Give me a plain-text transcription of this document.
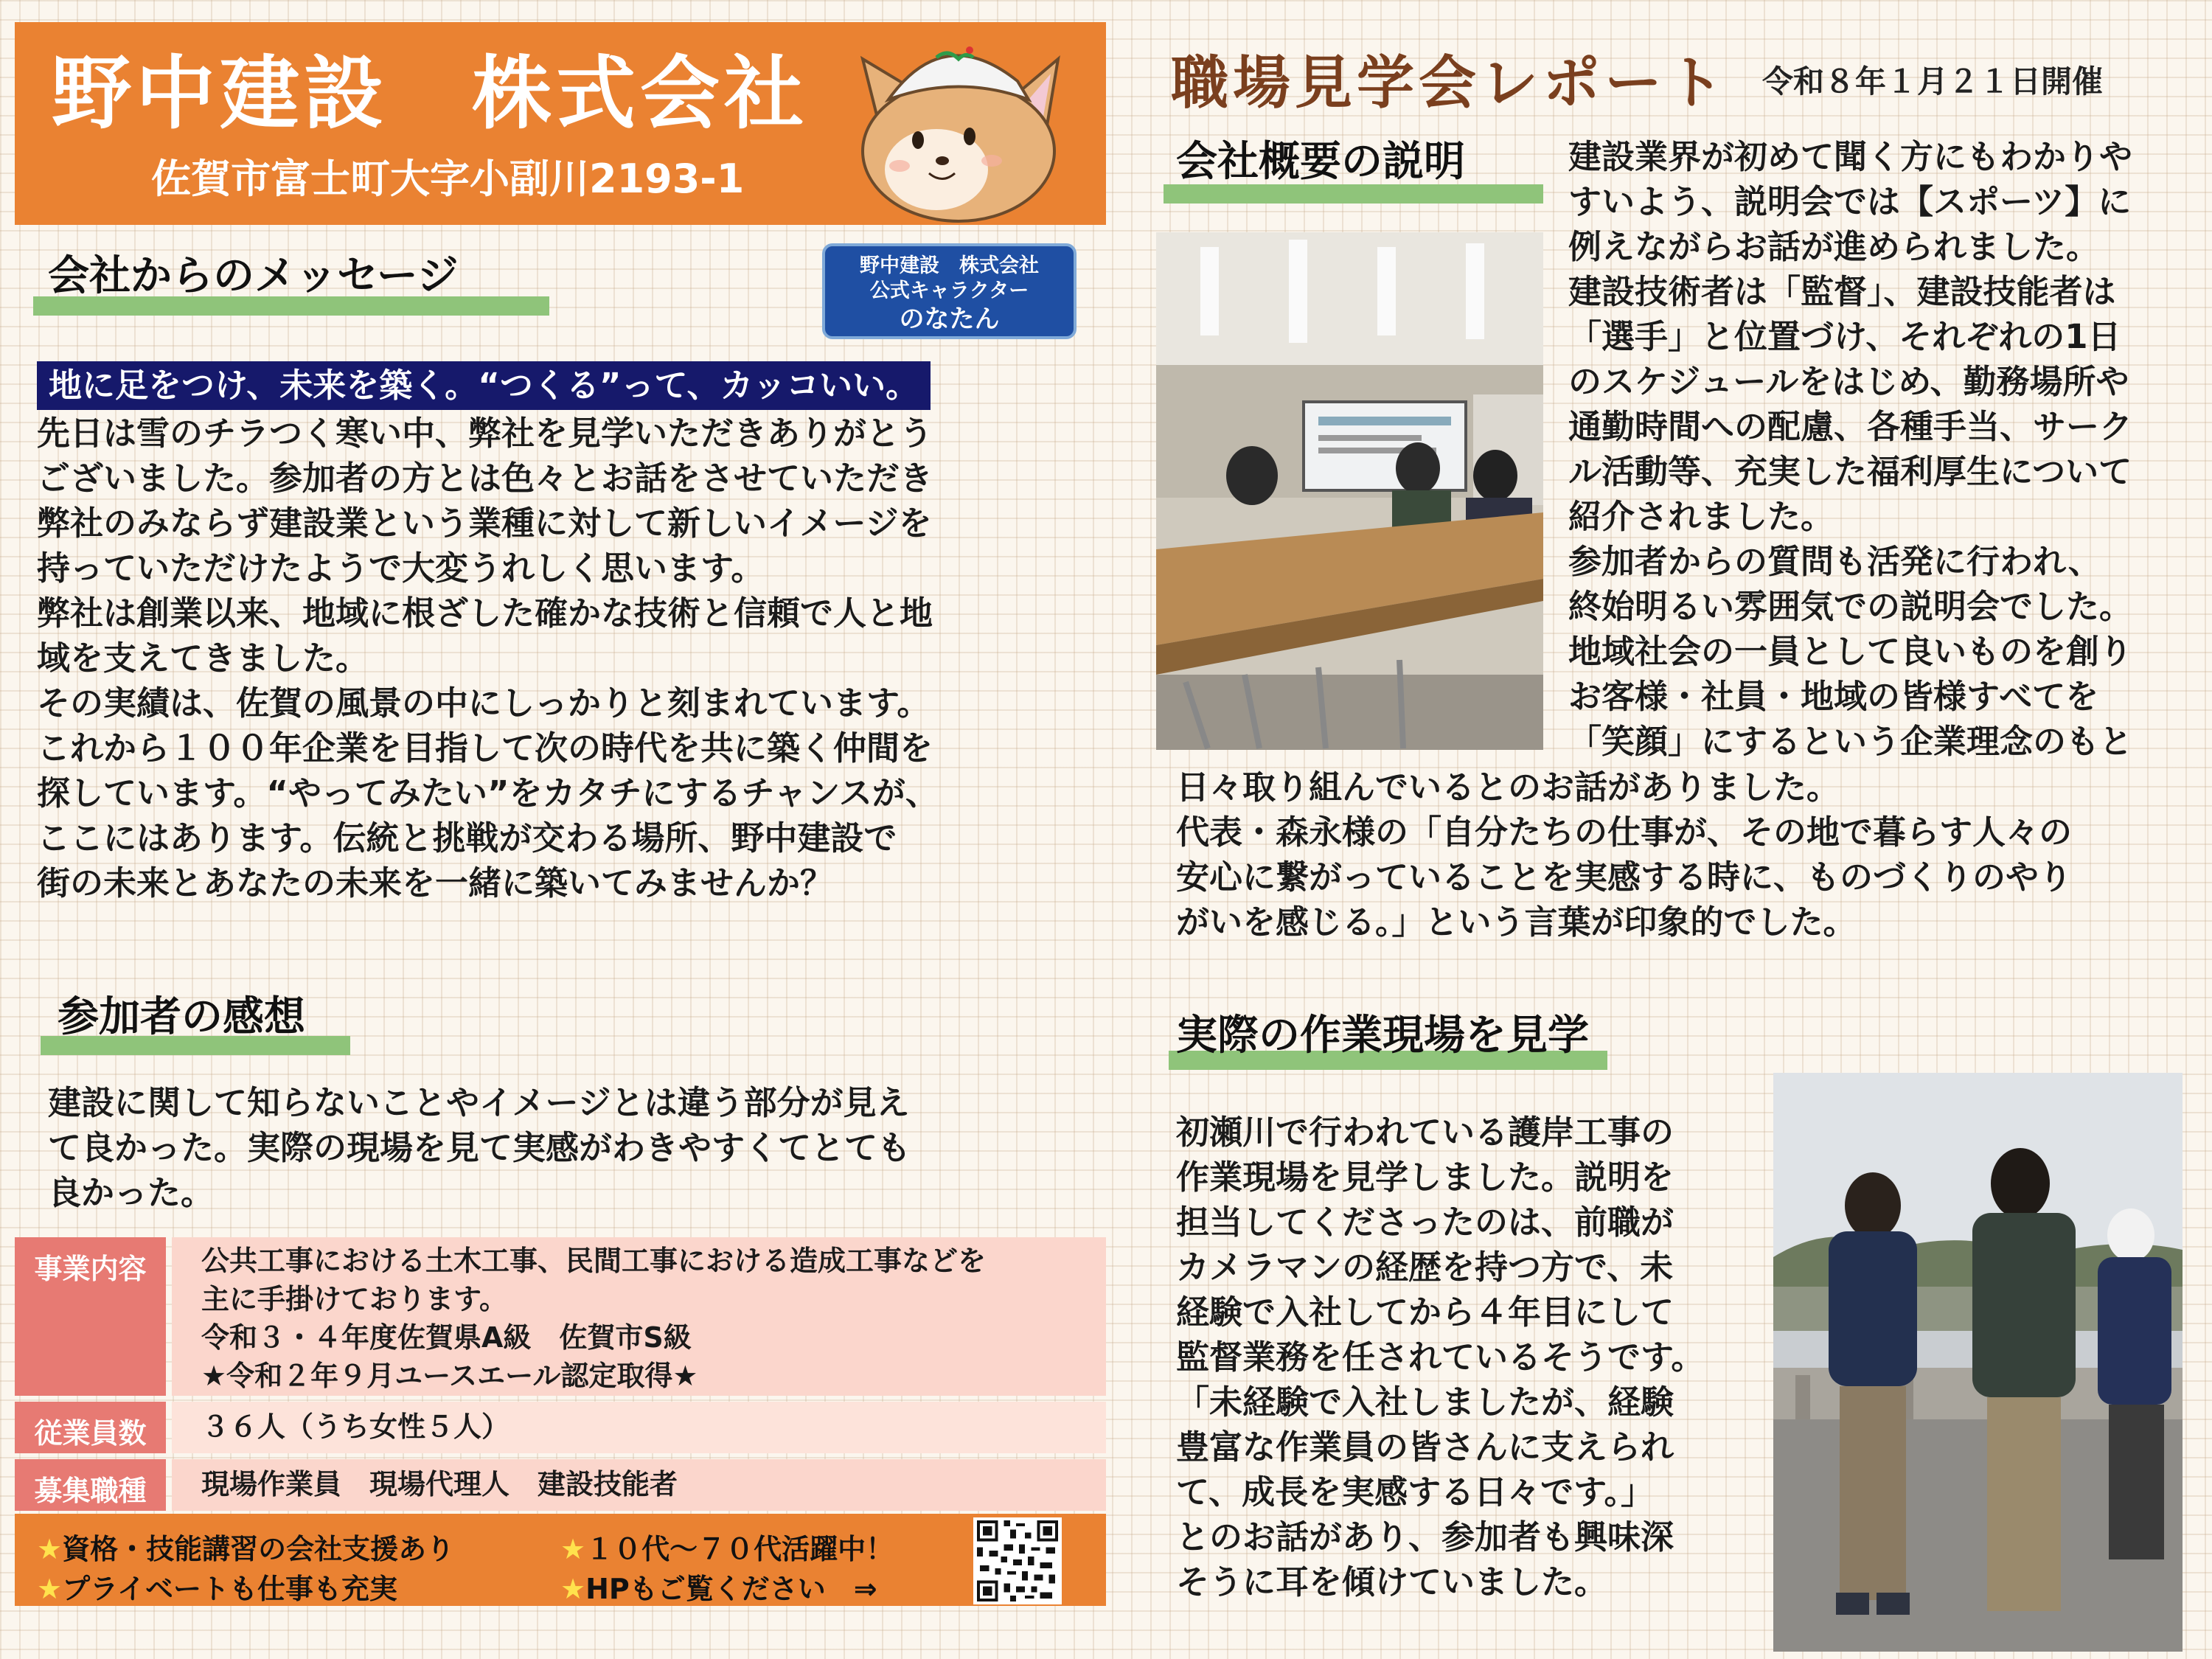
野中建設　株式会社
佐賀市富士町大字小副川2193-1
野中建設　株式会社
公式キャラクター
のなたん
会社からのメッセージ
地に足をつけ、未来を築く。“つくる”って、カッコいい。

先日は雪のチラつく寒い中、弊社を見学いただきありがとう

ございました。参加者の方とは色々とお話をさせていただき

弊社のみならず建設業という業種に対して新しいイメージを

持っていただけたようで大変うれしく思います。

弊社は創業以来、地域に根ざした確かな技術と信頼で人と地

域を支えてきました。

その実績は、佐賀の風景の中にしっかりと刻まれています。

これから１００年企業を目指して次の時代を共に築く仲間を

探しています。“やってみたい”をカタチにするチャンスが、

ここにはあります。伝統と挑戦が交わる場所、野中建設で

街の未来とあなたの未来を一緒に築いてみませんか？

参加者の感想

建設に関して知らないことやイメージとは違う部分が見え

て良かった。実際の現場を見て実感がわきやすくてとても

良かった。

事業内容	公共工事における土木工事、民間工事における造成工事などを
主に手掛けております。
令和３・４年度佐賀県A級　佐賀市S級
★令和２年９月ユースエール認定取得★
従業員数	３６人（うち女性５人）
募集職種	現場作業員　現場代理人　建設技能者
★資格・技能講習の会社支援あり	★１０代～７０代活躍中！
★プライベートも仕事も充実	★HPもご覧ください　⇒
職場見学会レポート 令和８年１月２１日開催
会社概要の説明	建設業界が初めて聞く方にもわかりや

すいよう、説明会では【スポーツ】に

例えながらお話が進められました。

建設技術者は「監督」、建設技能者は

「選手」と位置づけ、それぞれの1日

のスケジュールをはじめ、勤務場所や

通勤時間への配慮、各種手当、サーク

ル活動等、充実した福利厚生について

紹介されました。

参加者からの質問も活発に行われ、

終始明るい雰囲気での説明会でした。

地域社会の一員として良いものを創り

お客様・社員・地域の皆様すべてを

「笑顔」にするという企業理念のもと

日々取り組んでいるとのお話がありました。

代表・森永様の「自分たちの仕事が、その地で暮らす人々の

安心に繋がっていることを実感する時に、ものづくりのやり

がいを感じる。」という言葉が印象的でした。

実際の作業現場を見学

初瀬川で行われている護岸工事の

作業現場を見学しました。説明を

担当してくださったのは、前職が

カメラマンの経歴を持つ方で、未

経験で入社してから４年目にして

監督業務を任されているそうです。

「未経験で入社しましたが、経験

豊富な作業員の皆さんに支えられ

て、成長を実感する日々です。」

とのお話があり、参加者も興味深

そうに耳を傾けていました。
